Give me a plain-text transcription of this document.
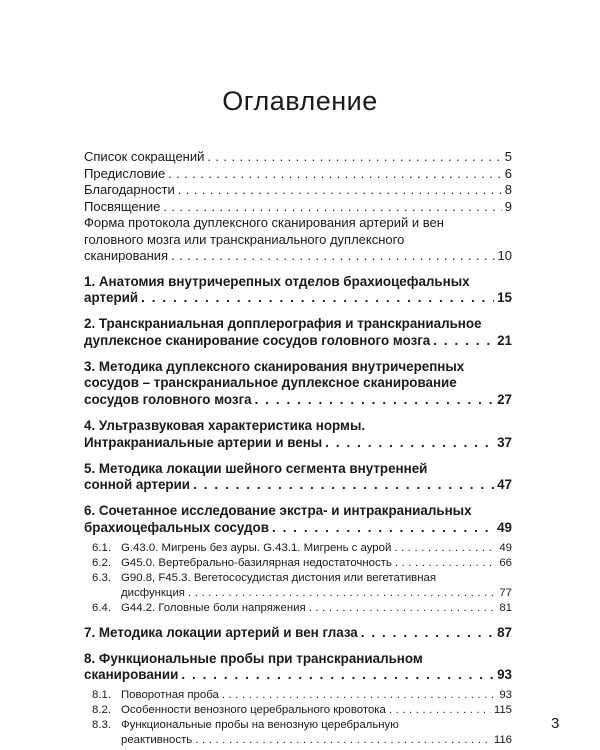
Оглавление
Список сокращений . . .	5
Предисловие . . .	6
Благодарности . . .	8
Посвящение . . .	9
Форма протокола дуплексного сканирования артерий и вен
головного мозга или транскраниального дуплексного
сканирования . . .	10
1. Анатомия внутричерепных отделов брахиоцефальных
артерий . . .	15
2. Транскраниальная допплерография и транскраниальное
дуплексное сканирование сосудов головного мозга . . .	21
3. Методика дуплексного сканирования внутричерепных
сосудов – транскраниальное дуплексное сканирование
сосудов головного мозга . . .	27
4. Ультразвуковая характеристика нормы.
Интракраниальные артерии и вены . . .	37
5. Методика локации шейного сегмента внутренней
сонной артерии . . .	47
6. Сочетанное исследование экстра- и интракраниальных
брахиоцефальных сосудов . . .	49
6.1. G.43.0. Мигрень без ауры. G.43.1. Мигрень с аурой . . .	49
6.2. G45.0. Вертебрально-базилярная недостаточность . . .	66
6.3. G90.8, F45.3. Вегетососудистая дистония или вегетативная
дисфункция . . .	77
6.4. G44.2. Головные боли напряжения . . .	81
7. Методика локации артерий и вен глаза . . .	87
8. Функциональные пробы при транскраниальном
сканировании . . .	93
8.1. Поворотная проба . . .	93
8.2. Особенности венозного церебрального кровотока . . .	115
8.3. Функциональные пробы на венозную церебральную
реактивность . . .	116
3
